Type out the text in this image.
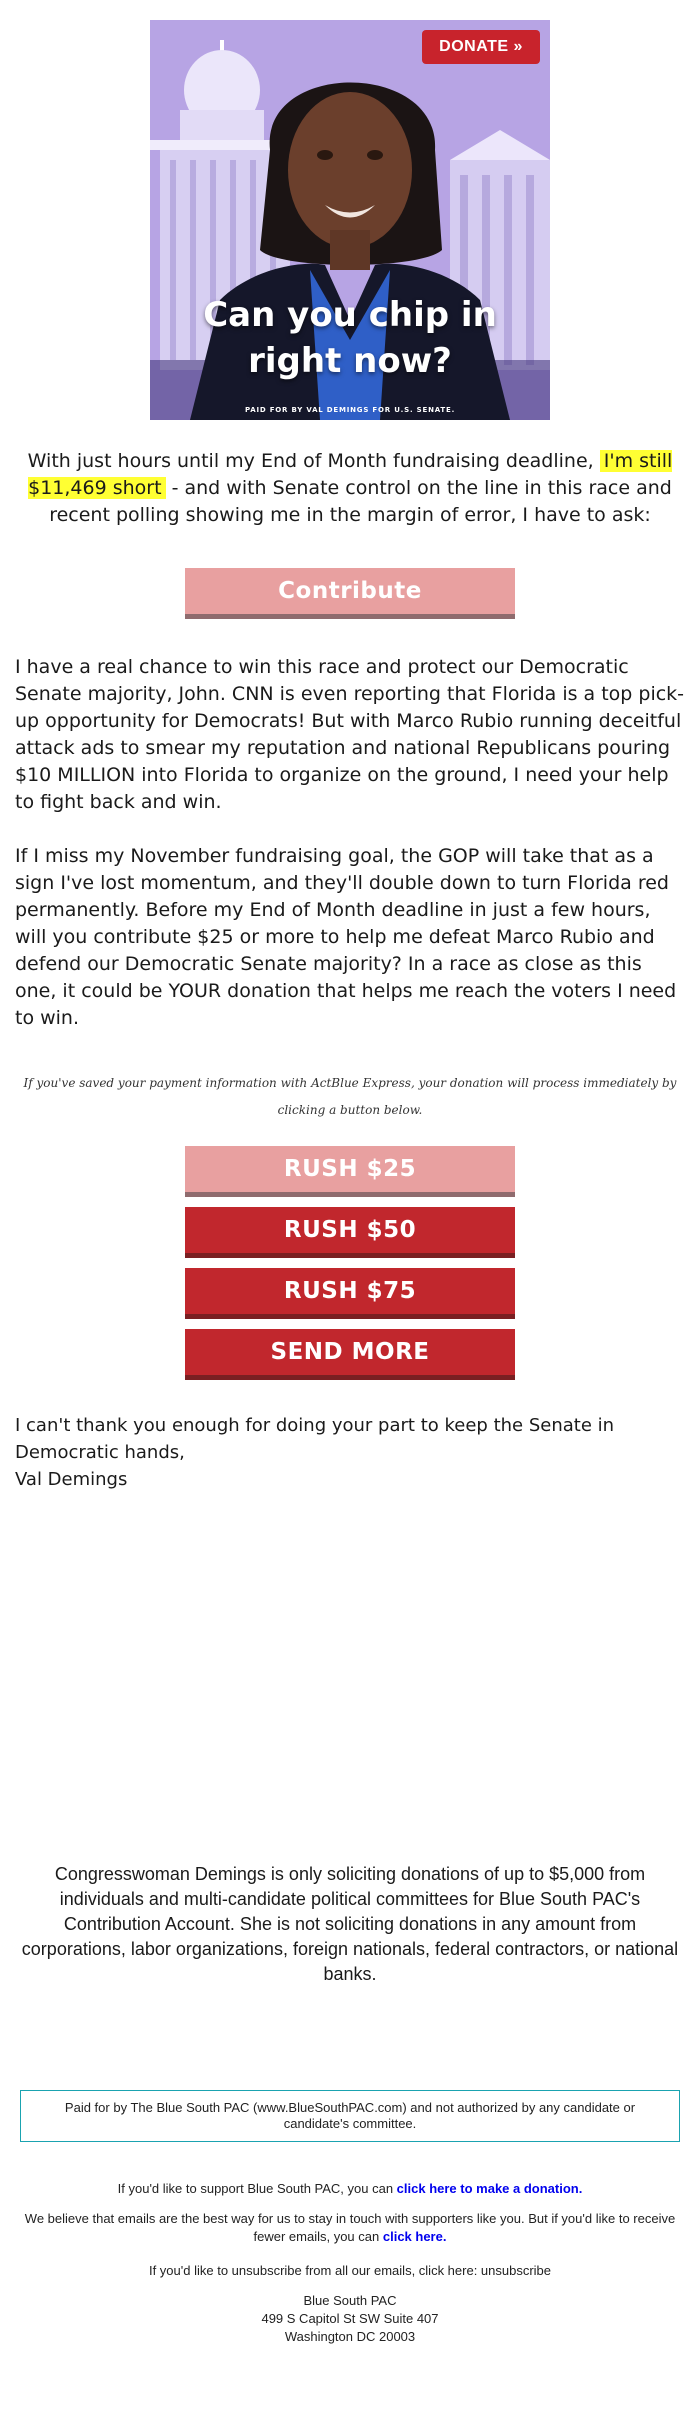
DONATE »
Can you chip in
right now?
PAID FOR BY VAL DEMINGS FOR U.S. SENATE.
With just hours until my End of Month fundraising deadline, I'm still $11,469 short - and with Senate control on the line in this race and recent polling showing me in the margin of error, I have to ask:
Contribute
I have a real chance to win this race and protect our Democratic Senate majority, John. CNN is even reporting that Florida is a top pick-up opportunity for Democrats! But with Marco Rubio running deceitful attack ads to smear my reputation and national Republicans pouring $10 MILLION into Florida to organize on the ground, I need your help to fight back and win.
If I miss my November fundraising goal, the GOP will take that as a sign I've lost momentum, and they'll double down to turn Florida red permanently. Before my End of Month deadline in just a few hours, will you contribute $25 or more to help me defeat Marco Rubio and defend our Democratic Senate majority? In a race as close as this one, it could be YOUR donation that helps me reach the voters I need to win.
If you've saved your payment information with ActBlue Express, your donation will process immediately by clicking a button below.
RUSH $25
RUSH $50
RUSH $75
SEND MORE
I can't thank you enough for doing your part to keep the Senate in Democratic hands,
Val Demings
Congresswoman Demings is only soliciting donations of up to $5,000 from individuals and multi-candidate political committees for Blue South PAC's Contribution Account. She is not soliciting donations in any amount from corporations, labor organizations, foreign nationals, federal contractors, or national banks.
Paid for by The Blue South PAC (www.BlueSouthPAC.com) and not authorized by any candidate or candidate's committee.
If you'd like to support Blue South PAC, you can click here to make a donation.
We believe that emails are the best way for us to stay in touch with supporters like you. But if you'd like to receive fewer emails, you can click here.
If you'd like to unsubscribe from all our emails, click here: unsubscribe
Blue South PAC
499 S Capitol St SW Suite 407
Washington DC 20003
